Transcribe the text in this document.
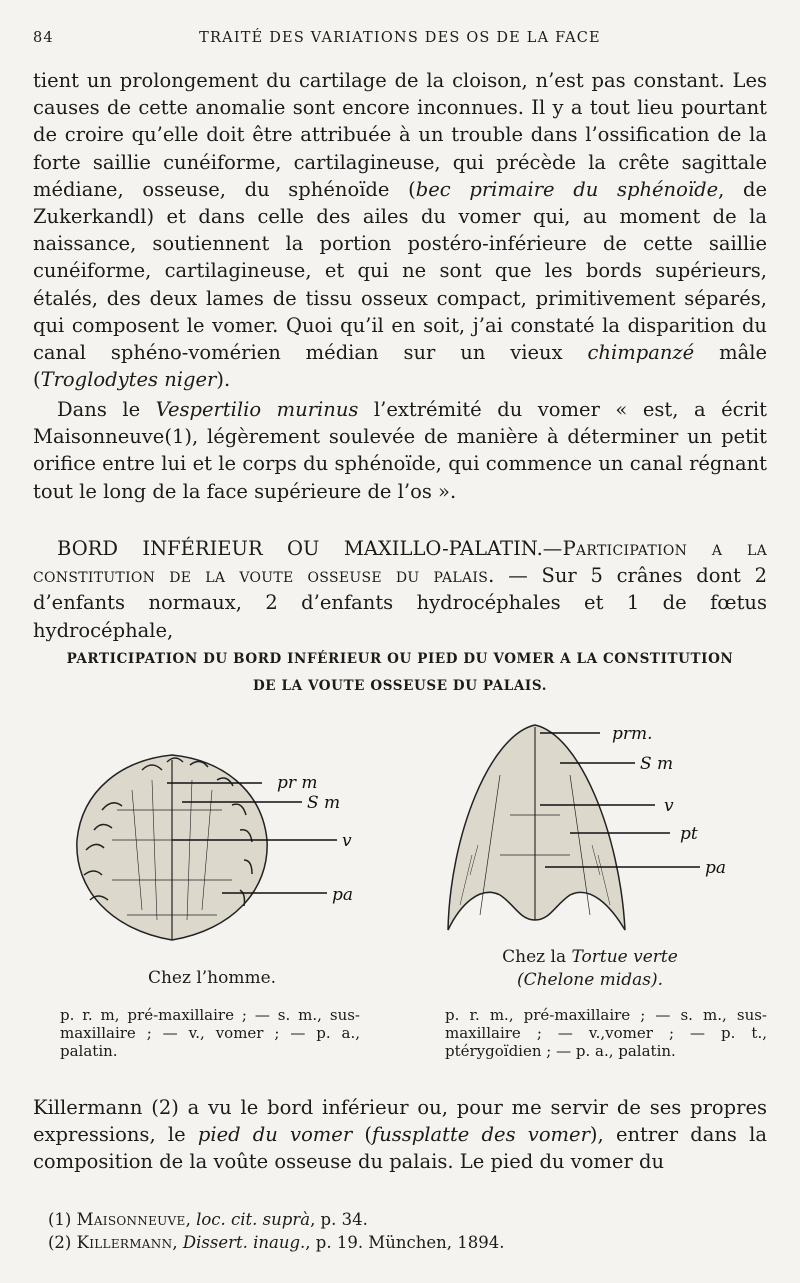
84	TRAITÉ DES VARIATIONS DES OS DE LA FACE

tient un prolongement du cartilage de la cloison, n’est pas constant. Les causes de cette anomalie sont encore inconnues. Il y a tout lieu pourtant de croire qu’elle doit être attribuée à un trouble dans l’ossification de la forte saillie cunéiforme, cartilagineuse, qui précède la crête sagittale médiane, osseuse, du sphénoïde (bec primaire du sphénoïde, de Zukerkandl) et dans celle des ailes du vomer qui, au moment de la naissance, soutiennent la portion postéro-inférieure de cette saillie cunéiforme, cartilagineuse, et qui ne sont que les bords supérieurs, étalés, des deux lames de tissu osseux compact, primitivement séparés, qui composent le vomer. Quoi qu’il en soit, j’ai constaté la disparition du canal sphéno-vomérien médian sur un vieux chimpanzé mâle (Troglodytes niger).

Dans le Vespertilio murinus l’extrémité du vomer « est, a écrit Maisonneuve(1), légèrement soulevée de manière à déterminer un petit orifice entre lui et le corps du sphénoïde, qui commence un canal régnant tout le long de la face supérieure de l’os ».

BORD INFÉRIEUR OU MAXILLO-PALATIN.—Participation a la constitution de la voute osseuse du palais. — Sur 5 crânes dont 2 d’enfants normaux, 2 d’enfants hydrocéphales et 1 de fœtus hydrocéphale,

PARTICIPATION DU BORD INFÉRIEUR OU PIED DU VOMER A LA CONSTITUTION
DE LA VOUTE OSSEUSE DU PALAIS.
pr m
S m
v
pa
prm.
S m
v
pt
pa
Chez l’homme.
Chez la Tortue verte
(Chelone midas).
p. r. m, pré-maxillaire ; — s. m., sus-maxillaire ; — v., vomer ; — p. a., palatin.
p. r. m., pré-maxillaire ; — s. m., sus-maxillaire ; — v.,vomer ; — p. t., ptérygoïdien ; — p. a., palatin.

Killermann (2) a vu le bord inférieur ou, pour me servir de ses propres expressions, le pied du vomer (fussplatte des vomer), entrer dans la composition de la voûte osseuse du palais. Le pied du vomer du

(1) Maisonneuve, loc. cit. suprà, p. 34.
(2) Killermann, Dissert. inaug., p. 19. München, 1894.
